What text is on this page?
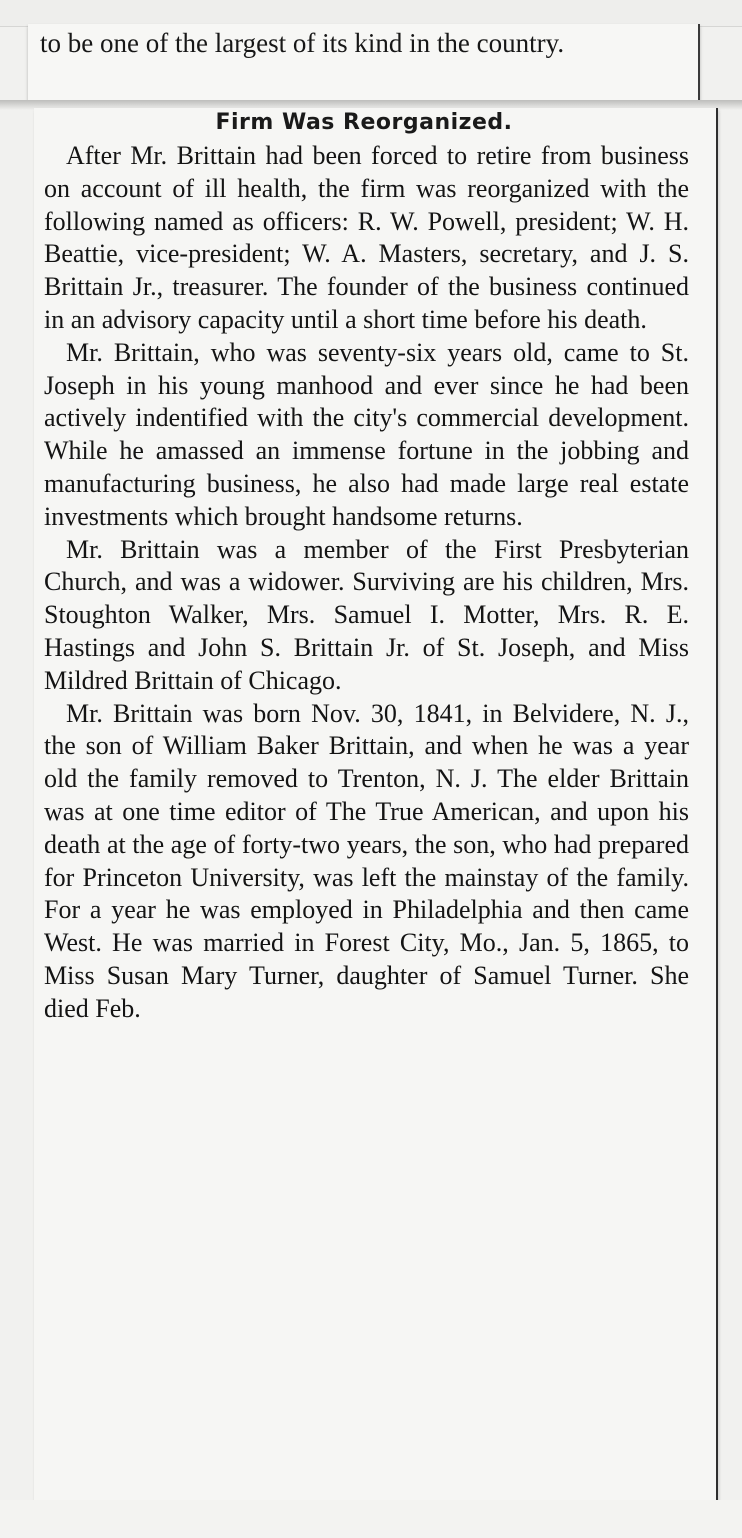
to be one of the largest of its kind in the country.
Firm Was Reorganized.

After Mr. Brittain had been forced to retire from business on account of ill health, the firm was reorganized with the following named as officers: R. W. Powell, president; W. H. Beattie, vice-president; W. A. Masters, secretary, and J. S. Brittain Jr., treasurer. The founder of the business continued in an advisory capacity until a short time before his death.

Mr. Brittain, who was seventy-six years old, came to St. Joseph in his young manhood and ever since he had been actively indentified with the city's commercial development. While he amassed an immense fortune in the jobbing and manufacturing business, he also had made large real estate investments which brought handsome returns.

Mr. Brittain was a member of the First Presbyterian Church, and was a widower. Surviving are his children, Mrs. Stoughton Walker, Mrs. Samuel I. Motter, Mrs. R. E. Hastings and John S. Brittain Jr. of St. Joseph, and Miss Mildred Brittain of Chicago.

Mr. Brittain was born Nov. 30, 1841, in Belvidere, N. J., the son of William Baker Brittain, and when he was a year old the family removed to Trenton, N. J. The elder Brittain was at one time editor of The True American, and upon his death at the age of forty-two years, the son, who had prepared for Princeton University, was left the mainstay of the family. For a year he was employed in Philadelphia and then came West. He was married in Forest City, Mo., Jan. 5, 1865, to Miss Susan Mary Turner, daughter of Samuel Turner. She died Feb.
